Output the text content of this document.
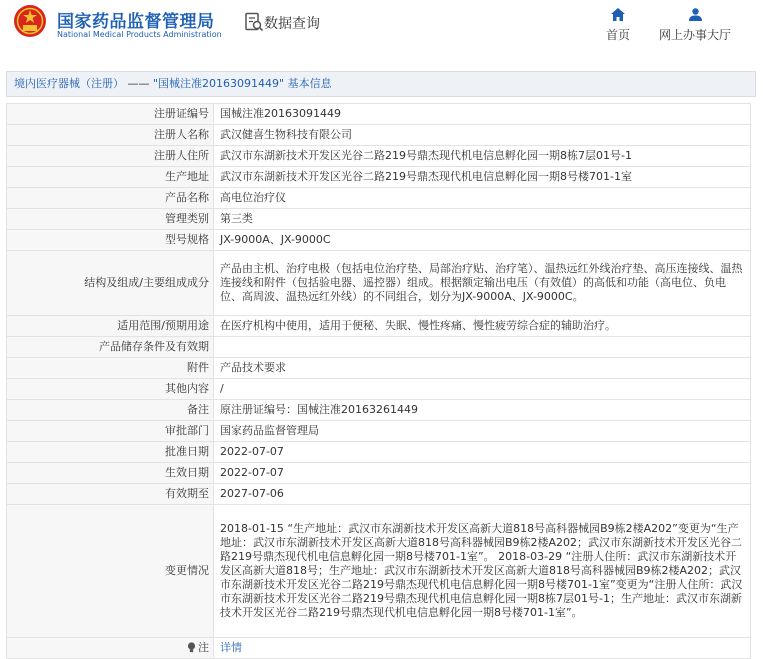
国家药品监督管理局
National Medical Products Administration
数据查询
首页	网上办事大厅
境内医疗器械（注册） —— "国械注准20163091449" 基本信息
注册证编号	国械注准20163091449
注册人名称	武汉健喜生物科技有限公司
注册人住所	武汉市东湖新技术开发区光谷二路219号鼎杰现代机电信息孵化园一期8栋7层01号-1
生产地址	武汉市东湖新技术开发区光谷二路219号鼎杰现代机电信息孵化园一期8号楼701-1室
产品名称	高电位治疗仪
管理类别	第三类
型号规格	JX-9000A、JX-9000C
结构及组成/主要组成成分	产品由主机、治疗电极（包括电位治疗垫、局部治疗贴、治疗笔）、温热远红外线治疗垫、高压连接线、温热连接线和附件（包括验电器、遥控器）组成。根据额定输出电压（有效值）的高低和功能（高电位、负电位、高周波、温热远红外线）的不同组合，划分为JX-9000A、JX-9000C。
适用范围/预期用途	在医疗机构中使用，适用于便秘、失眠、慢性疼痛、慢性疲劳综合症的辅助治疗。
产品储存条件及有效期	
附件	产品技术要求
其他内容	/
备注	原注册证编号：国械注准20163261449
审批部门	国家药品监督管理局
批准日期	2022-07-07
生效日期	2022-07-07
有效期至	2027-07-06
变更情况	2018-01-15 “生产地址：武汉市东湖新技术开发区高新大道818号高科器械园B9栋2楼A202”变更为“生产地址：武汉市东湖新技术开发区高新大道818号高科器械园B9栋2楼A202；武汉市东湖新技术开发区光谷二路219号鼎杰现代机电信息孵化园一期8号楼701-1室”。 2018-03-29 “注册人住所：武汉市东湖新技术开发区高新大道818号；生产地址：武汉市东湖新技术开发区高新大道818号高科器械园B9栋2楼A202；武汉市东湖新技术开发区光谷二路219号鼎杰现代机电信息孵化园一期8号楼701-1室”变更为“注册人住所：武汉市东湖新技术开发区光谷二路219号鼎杰现代机电信息孵化园一期8栋7层01号-1；生产地址：武汉市东湖新技术开发区光谷二路219号鼎杰现代机电信息孵化园一期8号楼701-1室”。
注	详情
